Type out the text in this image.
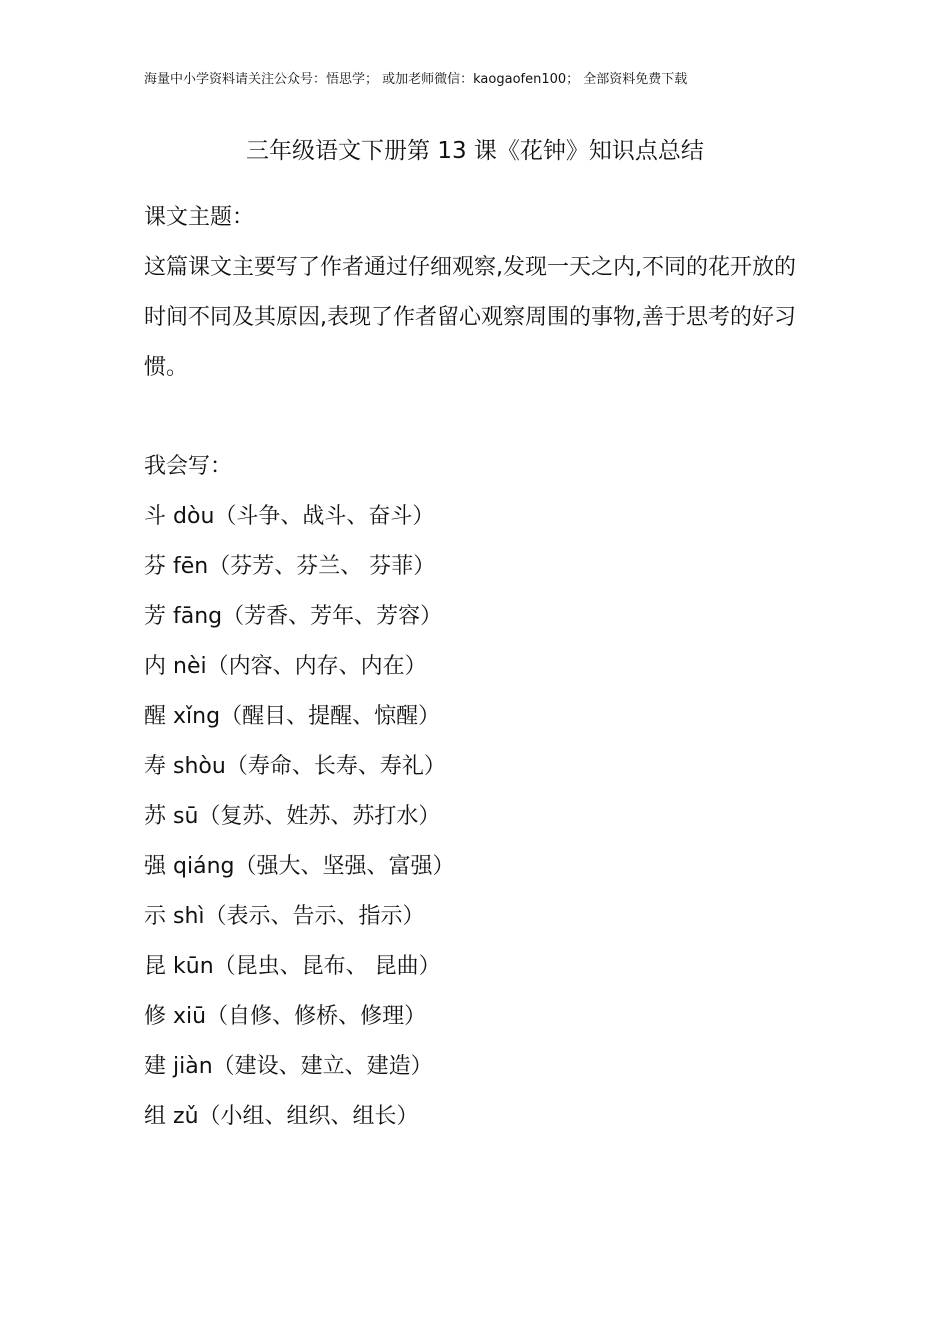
海量中小学资料请关注公众号：悟思学； 或加老师微信：kaogaofen100； 全部资料免费下载
三年级语文下册第 13 课《花钟》知识点总结
课文主题：
这篇课文主要写了作者通过仔细观察,发现一天之内,不同的花开放的时间不同及其原因,表现了作者留心观察周围的事物,善于思考的好习惯。
我会写：
斗 dòu（斗争、战斗、奋斗）
芬 fēn（芬芳、芬兰、 芬菲）
芳 fāng（芳香、芳年、芳容）
内 nèi（内容、内存、内在）
醒 xǐng（醒目、提醒、惊醒）
寿 shòu（寿命、长寿、寿礼）
苏 sū（复苏、姓苏、苏打水）
强 qiáng（强大、坚强、富强）
示 shì（表示、告示、指示）
昆 kūn（昆虫、昆布、 昆曲）
修 xiū（自修、修桥、修理）
建 jiàn（建设、建立、建造）
组 zǔ（小组、组织、组长）
